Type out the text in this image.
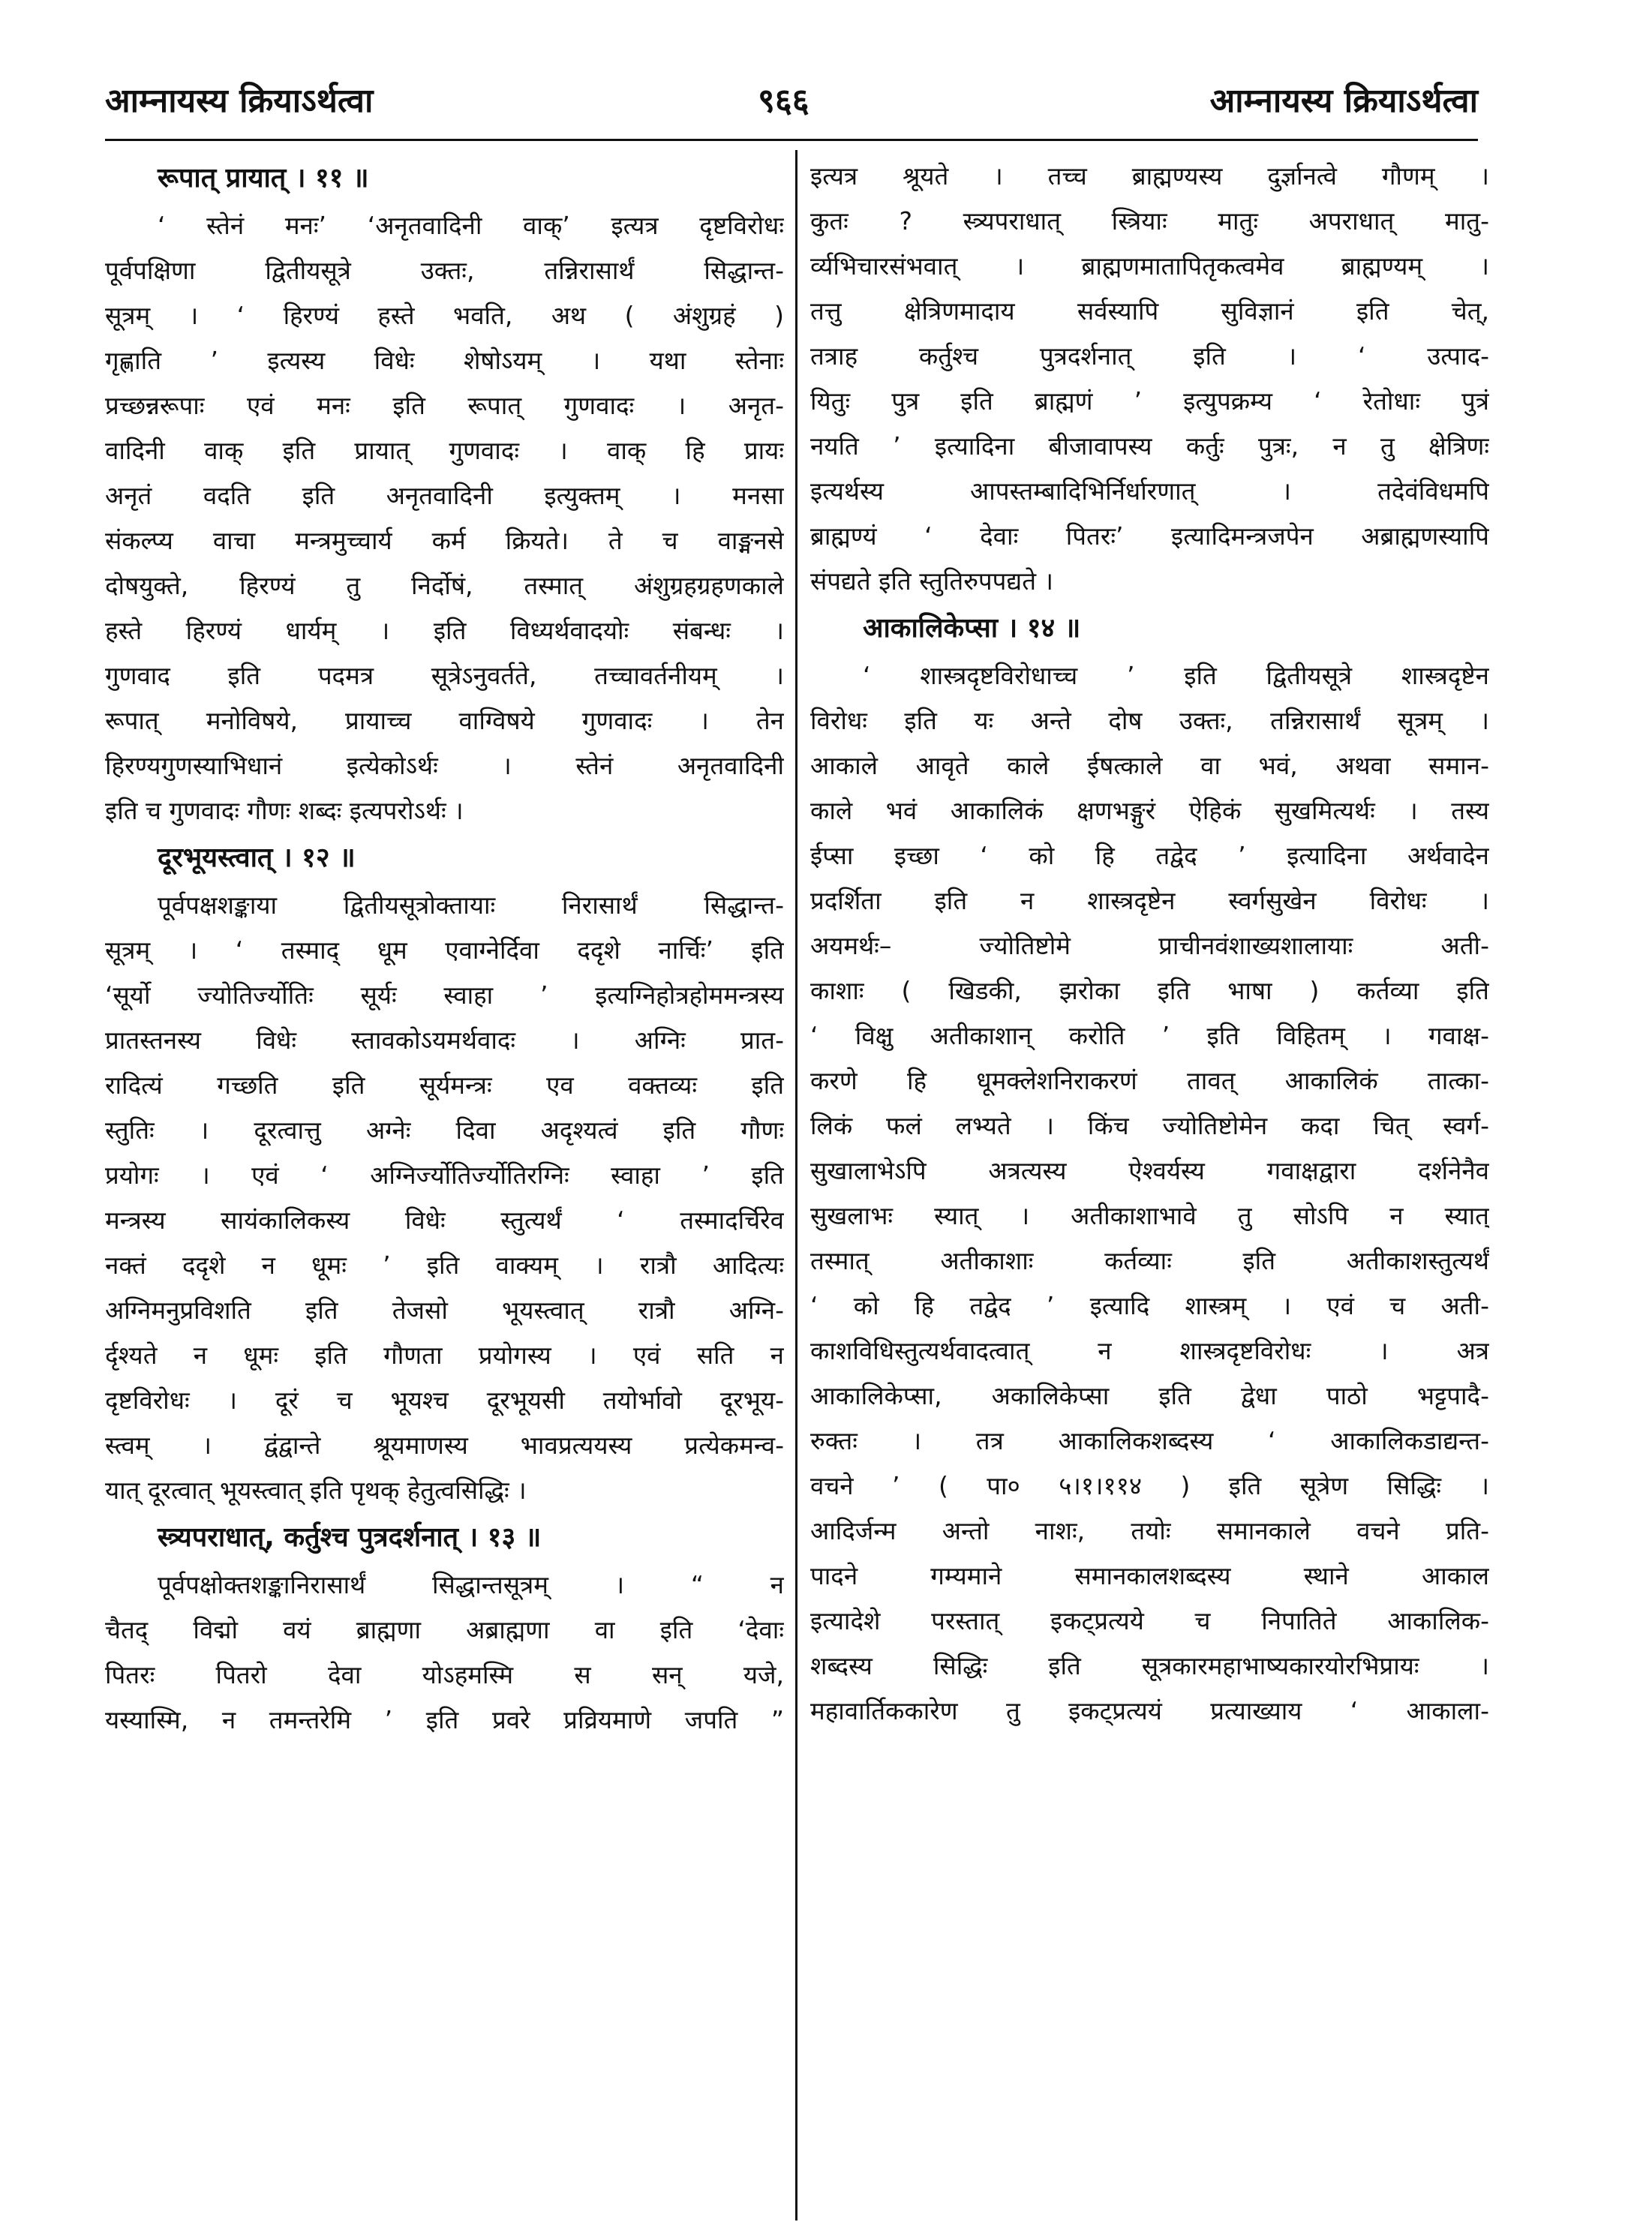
आम्नायस्य क्रियाऽर्थत्वा	९६६	आम्नायस्य क्रियाऽर्थत्वा
रूपात् प्रायात् । ११ ॥
‘ स्तेनं मनः’ ‘अनृतवादिनी वाक्’ इत्यत्र दृष्टविरोधः
पूर्वपक्षिणा द्वितीयसूत्रे उक्तः, तन्निरासार्थं सिद्धान्त-
सूत्रम् । ‘ हिरण्यं हस्ते भवति, अथ ( अंशुग्रहं )
गृह्णाति ’ इत्यस्य विधेः शेषोऽयम् । यथा स्तेनाः
प्रच्छन्नरूपाः एवं मनः इति रूपात् गुणवादः । अनृत-
वादिनी वाक् इति प्रायात् गुणवादः । वाक् हि प्रायः
अनृतं वदति इति अनृतवादिनी इत्युक्तम् । मनसा
संकल्प्य वाचा मन्त्रमुच्चार्य कर्म क्रियते। ते च वाङ्मनसे
दोषयुक्ते, हिरण्यं तु निर्दोषं, तस्मात् अंशुग्रहग्रहणकाले
हस्ते हिरण्यं धार्यम् । इति विध्यर्थवादयोः संबन्धः ।
गुणवाद इति पदमत्र सूत्रेऽनुवर्तते, तच्चावर्तनीयम् ।
रूपात् मनोविषये, प्रायाच्च वाग्विषये गुणवादः । तेन
हिरण्यगुणस्याभिधानं इत्येकोऽर्थः । स्तेनं अनृतवादिनी
इति च गुणवादः गौणः शब्दः इत्यपरोऽर्थः ।
दूरभूयस्त्वात् । १२ ॥
पूर्वपक्षशङ्काया द्वितीयसूत्रोक्तायाः निरासार्थं सिद्धान्त-
सूत्रम् । ‘ तस्माद् धूम एवाग्नेर्दिवा ददृशे नार्चिः’ इति
‘सूर्यो ज्योतिर्ज्योतिः सूर्यः स्वाहा ’ इत्यग्निहोत्रहोममन्त्रस्य
प्रातस्तनस्य विधेः स्तावकोऽयमर्थवादः । अग्निः प्रात-
रादित्यं गच्छति इति सूर्यमन्त्रः एव वक्तव्यः इति
स्तुतिः । दूरत्वात्तु अग्नेः दिवा अदृश्यत्वं इति गौणः
प्रयोगः । एवं ‘ अग्निर्ज्योतिर्ज्योतिरग्निः स्वाहा ’ इति
मन्त्रस्य सायंकालिकस्य विधेः स्तुत्यर्थं ‘ तस्मादर्चिरेव
नक्तं ददृशे न धूमः ’ इति वाक्यम् । रात्रौ आदित्यः
अग्निमनुप्रविशति इति तेजसो भूयस्त्वात् रात्रौ अग्नि-
र्दृश्यते न धूमः इति गौणता प्रयोगस्य । एवं सति न
दृष्टविरोधः । दूरं च भूयश्च दूरभूयसी तयोर्भावो दूरभूय-
स्त्वम् । द्वंद्वान्ते श्रूयमाणस्य भावप्रत्ययस्य प्रत्येकमन्व-
यात् दूरत्वात् भूयस्त्वात् इति पृथक् हेतुत्वसिद्धिः ।
स्त्र्यपराधात्, कर्तुश्च पुत्रदर्शनात् । १३ ॥
पूर्वपक्षोक्तशङ्कानिरासार्थं सिद्धान्तसूत्रम् । “ न
चैतद् विद्मो वयं ब्राह्मणा अब्राह्मणा वा इति ‘देवाः
पितरः पितरो देवा योऽहमस्मि स सन् यजे,
यस्यास्मि, न तमन्तरेमि ’ इति प्रवरे प्रव्रियमाणे जपति ”
इत्यत्र श्रूयते । तच्च ब्राह्मण्यस्य दुर्ज्ञानत्वे गौणम् ।
कुतः ? स्त्र्यपराधात् स्त्रियाः मातुः अपराधात् मातु-
र्व्यभिचारसंभवात् । ब्राह्मणमातापितृकत्वमेव ब्राह्मण्यम् ।
तत्तु क्षेत्रिणमादाय सर्वस्यापि सुविज्ञानं इति चेत्,
तत्राह कर्तुश्च पुत्रदर्शनात् इति । ‘ उत्पाद-
यितुः पुत्र इति ब्राह्मणं ’ इत्युपक्रम्य ‘ रेतोधाः पुत्रं
नयति ’ इत्यादिना बीजावापस्य कर्तुः पुत्रः, न तु क्षेत्रिणः
इत्यर्थस्य आपस्तम्बादिभिर्निर्धारणात् । तदेवंविधमपि
ब्राह्मण्यं ‘ देवाः पितरः’ इत्यादिमन्त्रजपेन अब्राह्मणस्यापि
संपद्यते इति स्तुतिरुपपद्यते ।
आकालिकेप्सा । १४ ॥
‘ शास्त्रदृष्टविरोधाच्च ’ इति द्वितीयसूत्रे शास्त्रदृष्टेन
विरोधः इति यः अन्ते दोष उक्तः, तन्निरासार्थं सूत्रम् ।
आकाले आवृते काले ईषत्काले वा भवं, अथवा समान-
काले भवं आकालिकं क्षणभङ्गुरं ऐहिकं सुखमित्यर्थः । तस्य
ईप्सा इच्छा ‘ को हि तद्वेद ’ इत्यादिना अर्थवादेन
प्रदर्शिता इति न शास्त्रदृष्टेन स्वर्गसुखेन विरोधः ।
अयमर्थः– ज्योतिष्टोमे प्राचीनवंशाख्यशालायाः अती-
काशाः ( खिडकी, झरोका इति भाषा ) कर्तव्या इति
‘ विक्षु अतीकाशान् करोति ’ इति विहितम् । गवाक्ष-
करणे हि धूमक्लेशनिराकरणं तावत् आकालिकं तात्का-
लिकं फलं लभ्यते । किंच ज्योतिष्टोमेन कदा चित् स्वर्ग-
सुखालाभेऽपि अत्रत्यस्य ऐश्वर्यस्य गवाक्षद्वारा दर्शनेनैव
सुखलाभः स्यात् । अतीकाशाभावे तु सोऽपि न स्यात्
तस्मात् अतीकाशाः कर्तव्याः इति अतीकाशस्तुत्यर्थं
‘ को हि तद्वेद ’ इत्यादि शास्त्रम् । एवं च अती-
काशविधिस्तुत्यर्थवादत्वात् न शास्त्रदृष्टविरोधः । अत्र
आकालिकेप्सा, अकालिकेप्सा इति द्वेधा पाठो भट्टपादै-
रुक्तः । तत्र आकालिकशब्दस्य ‘ आकालिकडाद्यन्त-
वचने ’ ( पा० ५।१।११४ ) इति सूत्रेण सिद्धिः ।
आदिर्जन्म अन्तो नाशः, तयोः समानकाले वचने प्रति-
पादने गम्यमाने समानकालशब्दस्य स्थाने आकाल
इत्यादेशे परस्तात् इकट्प्रत्यये च निपातिते आकालिक-
शब्दस्य सिद्धिः इति सूत्रकारमहाभाष्यकारयोरभिप्रायः ।
महावार्तिककारेण तु इकट्प्रत्ययं प्रत्याख्याय ‘ आकाला-
